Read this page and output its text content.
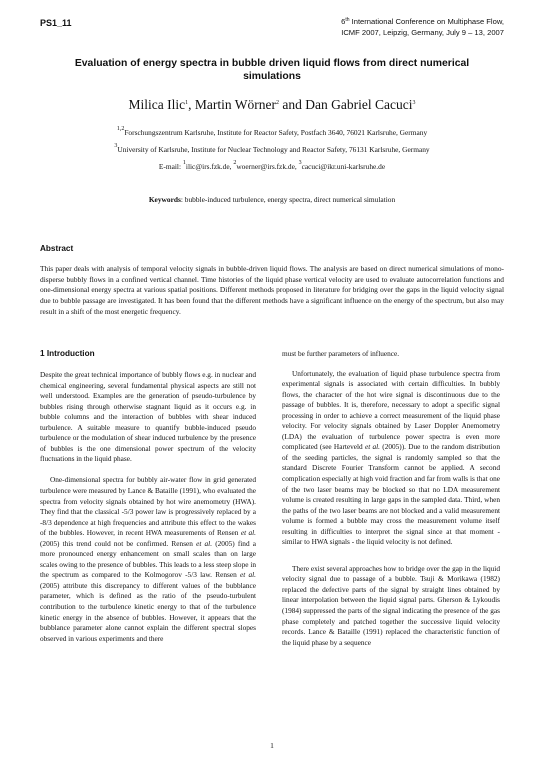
PS1_11	6th International Conference on Multiphase Flow,
ICMF 2007, Leipzig, Germany, July 9 – 13, 2007
Evaluation of energy spectra in bubble driven liquid flows from direct numerical simulations
Milica Ilic$^1$, Martin Wörner$^2$ and Dan Gabriel Cacuci$^3$
$^{1,2}$Forschungszentrum Karlsruhe, Institute for Reactor Safety, Postfach 3640, 76021 Karlsruhe, Germany
$^3$University of Karlsruhe, Institute for Nuclear Technology and Reactor Safety, 76131 Karlsruhe, Germany
E-mail: $^1$ilic@irs.fzk.de, $^2$woerner@irs.fzk.de, $^3$cacuci@ikr.uni-karlsruhe.de
Keywords: bubble-induced turbulence, energy spectra, direct numerical simulation
Abstract
This paper deals with analysis of temporal velocity signals in bubble-driven liquid flows. The analysis are based on direct numerical simulations of mono-disperse bubbly flows in a confined vertical channel. Time histories of the liquid phase vertical velocity are used to evaluate autocorrelation functions and one-dimensional energy spectra at various spatial positions. Different methods proposed in literature for bridging over the gaps in the liquid velocity signal due to bubble passage are investigated. It has been found that the different methods have a significant influence on the energy of the spectrum, but also may result in a shift of the most energetic frequency.
1 Introduction

Despite the great technical importance of bubbly flows e.g. in nuclear and chemical engineering, several fundamental physical aspects are still not well understood. Examples are the generation of pseudo-turbulence by bubbles rising through otherwise stagnant liquid as it occurs e.g. in bubble columns and the interaction of bubbles with shear induced turbulence. A suitable measure to quantify bubble-induced pseudo turbulence or the modulation of shear induced turbulence by the presence of bubbles is the one dimensional power spectrum of the velocity fluctuations in the liquid phase.

One-dimensional spectra for bubbly air-water flow in grid generated turbulence were measured by Lance & Bataille (1991), who evaluated the spectra from velocity signals obtained by hot wire anemometry (HWA). They find that the classical -5/3 power law is progressively replaced by a -8/3 dependence at high frequencies and attribute this effect to the wakes of the bubbles. However, in recent HWA measurements of Rensen et al. (2005) this trend could not be confirmed. Rensen et al. (2005) find a more pronounced energy enhancement on small scales than on large scales owing to the presence of bubbles. This leads to a less steep slope in the spectrum as compared to the Kolmogorov -5/3 law. Rensen et al. (2005) attribute this discrepancy to different values of the bubblance parameter, which is defined as the ratio of the pseudo-turbulent contribution to the turbulence kinetic energy to that of the turbulence kinetic energy in the absence of bubbles. However, it appears that the bubblance parameter alone cannot explain the different spectral slopes observed in various experiments and there

must be further parameters of influence.

Unfortunately, the evaluation of liquid phase turbulence spectra from experimental signals is associated with certain difficulties. In bubbly flows, the character of the hot wire signal is discontinuous due to the passage of bubbles. It is, therefore, necessary to adopt a specific signal processing in order to achieve a correct measurement of the liquid phase velocity. For velocity signals obtained by Laser Doppler Anemometry (LDA) the evaluation of turbulence power spectra is even more complicated (see Harteveld et al. (2005)). Due to the random distribution of the seeding particles, the signal is randomly sampled so that the standard Discrete Fourier Transform cannot be applied. A second complication especially at high void fraction and far from walls is that one of the two laser beams may be blocked so that no LDA measurement volume is created resulting in large gaps in the sampled data. Third, when the paths of the two laser beams are not blocked and a valid measurement volume is formed a bubble may cross the measurement volume itself resulting in difficulties to interpret the signal since at that moment - similar to HWA signals - the liquid velocity is not defined.

There exist several approaches how to bridge over the gap in the liquid velocity signal due to passage of a bubble. Tsuji & Morikawa (1982) replaced the defective parts of the signal by straight lines obtained by linear interpolation between the liquid signal parts. Gherson & Lykoudis (1984) suppressed the parts of the signal indicating the presence of the gas phase completely and patched together the successive liquid velocity records. Lance & Bataille (1991) replaced the characteristic function of the liquid phase by a sequence

1
